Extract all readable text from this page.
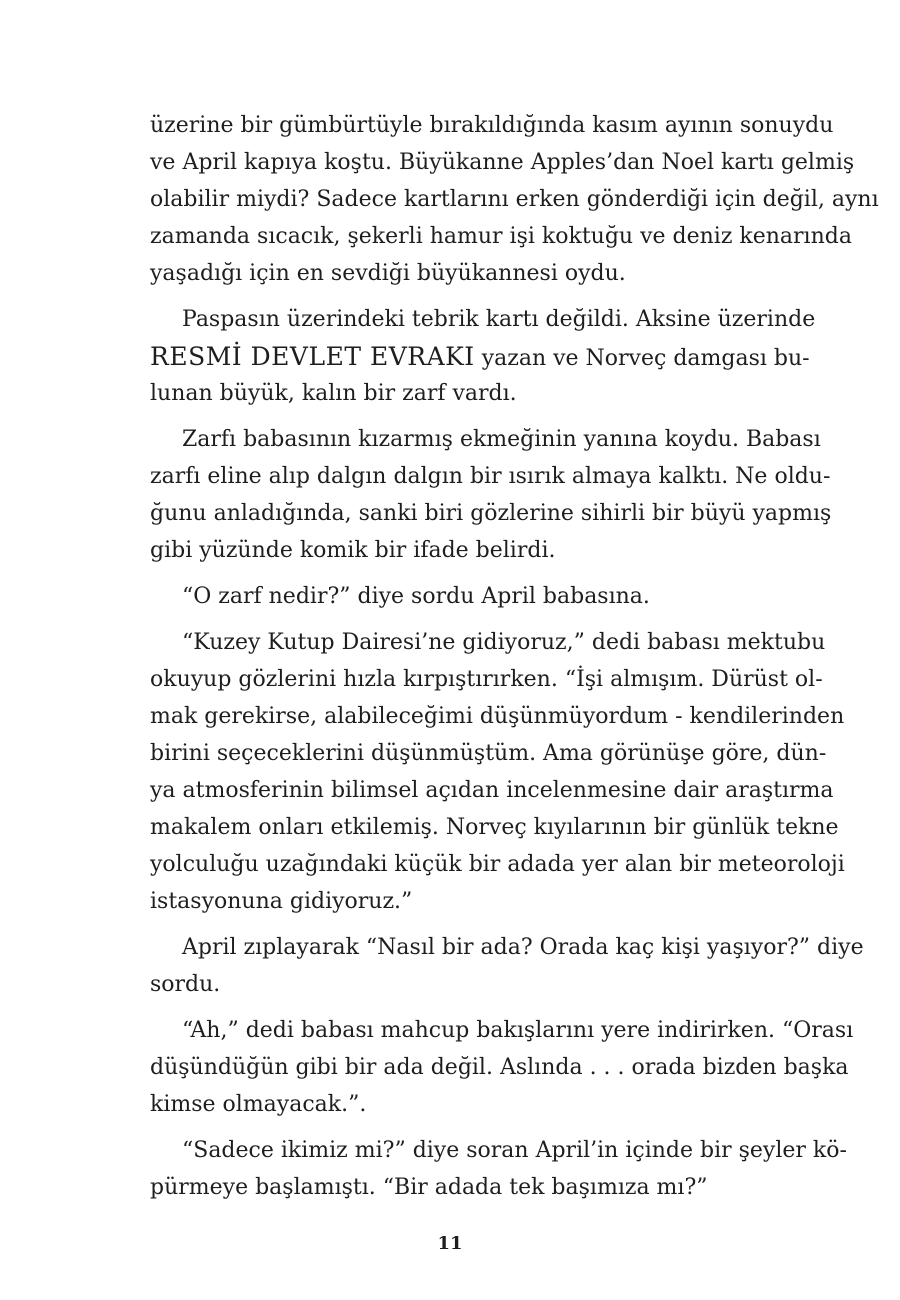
üzerine bir gümbürtüyle bırakıldığında kasım ayının sonuydu
ve April kapıya koştu. Büyükanne Apples’dan Noel kartı gelmiş
olabilir miydi? Sadece kartlarını erken gönderdiği için değil, aynı
zamanda sıcacık, şekerli hamur işi koktuğu ve deniz kenarında
yaşadığı için en sevdiği büyükannesi oydu.
Paspasın üzerindeki tebrik kartı değildi. Aksine üzerinde
RESMİ DEVLET EVRAKI yazan ve Norveç damgası bu-
lunan büyük, kalın bir zarf vardı.
Zarfı babasının kızarmış ekmeğinin yanına koydu. Babası
zarfı eline alıp dalgın dalgın bir ısırık almaya kalktı. Ne oldu-
ğunu anladığında, sanki biri gözlerine sihirli bir büyü yapmış
gibi yüzünde komik bir ifade belirdi.
“O zarf nedir?” diye sordu April babasına.
“Kuzey Kutup Dairesi’ne gidiyoruz,” dedi babası mektubu
okuyup gözlerini hızla kırpıştırırken. “İşi almışım. Dürüst ol-
mak gerekirse, alabileceğimi düşünmüyordum - kendilerinden
birini seçeceklerini düşünmüştüm. Ama görünüşe göre, dün-
ya atmosferinin bilimsel açıdan incelenmesine dair araştırma
makalem onları etkilemiş. Norveç kıyılarının bir günlük tekne
yolculuğu uzağındaki küçük bir adada yer alan bir meteoroloji
istasyonuna gidiyoruz.”
April zıplayarak “Nasıl bir ada? Orada kaç kişi yaşıyor?” diye
sordu.
“Ah,” dedi babası mahcup bakışlarını yere indirirken. “Orası
düşündüğün gibi bir ada değil. Aslında . . . orada bizden başka
kimse olmayacak.”.
“Sadece ikimiz mi?” diye soran April’in içinde bir şeyler kö-
pürmeye başlamıştı. “Bir adada tek başımıza mı?”
11
